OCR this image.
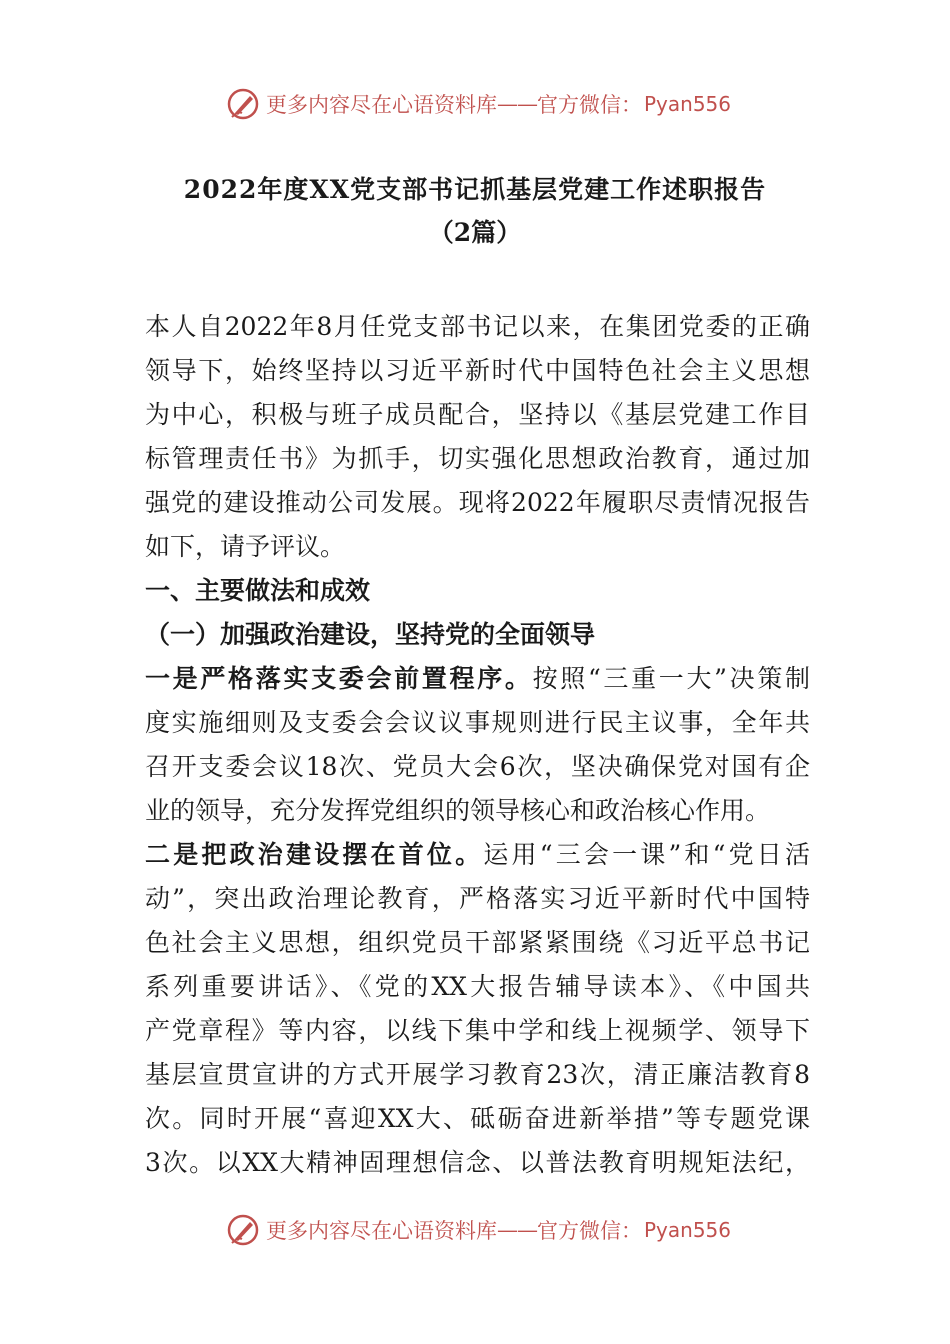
更多内容尽在心语资料库 —— 官方微信： Pyan556
2022年度XX党支部书记抓基层党建工作述职报告
（2篇）
本人自2022年8月任党支部书记以来，在集团党委的正确
领导下，始终坚持以习近平新时代中国特色社会主义思想
为中心，积极与班子成员配合，坚持以《基层党建工作目
标管理责任书》为抓手，切实强化思想政治教育，通过加
强党的建设推动公司发展。现将2022年履职尽责情况报告
如下，请予评议。
一、主要做法和成效
（一）加强政治建设，坚持党的全面领导
一是严格落实支委会前置程序。按照“三重一大”决策制
度实施细则及支委会会议议事规则进行民主议事，全年共
召开支委会议18次、党员大会6次，坚决确保党对国有企
业的领导，充分发挥党组织的领导核心和政治核心作用。
二是把政治建设摆在首位。运用“三会一课”和“党日活
动”，突出政治理论教育，严格落实习近平新时代中国特
色社会主义思想，组织党员干部紧紧围绕《习近平总书记
系列重要讲话》、《党的XX大报告辅导读本》、《中国共
产党章程》等内容，以线下集中学和线上视频学、领导下
基层宣贯宣讲的方式开展学习教育23次，清正廉洁教育8
次。同时开展“喜迎XX大、砥砺奋进新举措”等专题党课
3次。以XX大精神固理想信念、以普法教育明规矩法纪，
更多内容尽在心语资料库 —— 官方微信： Pyan556
